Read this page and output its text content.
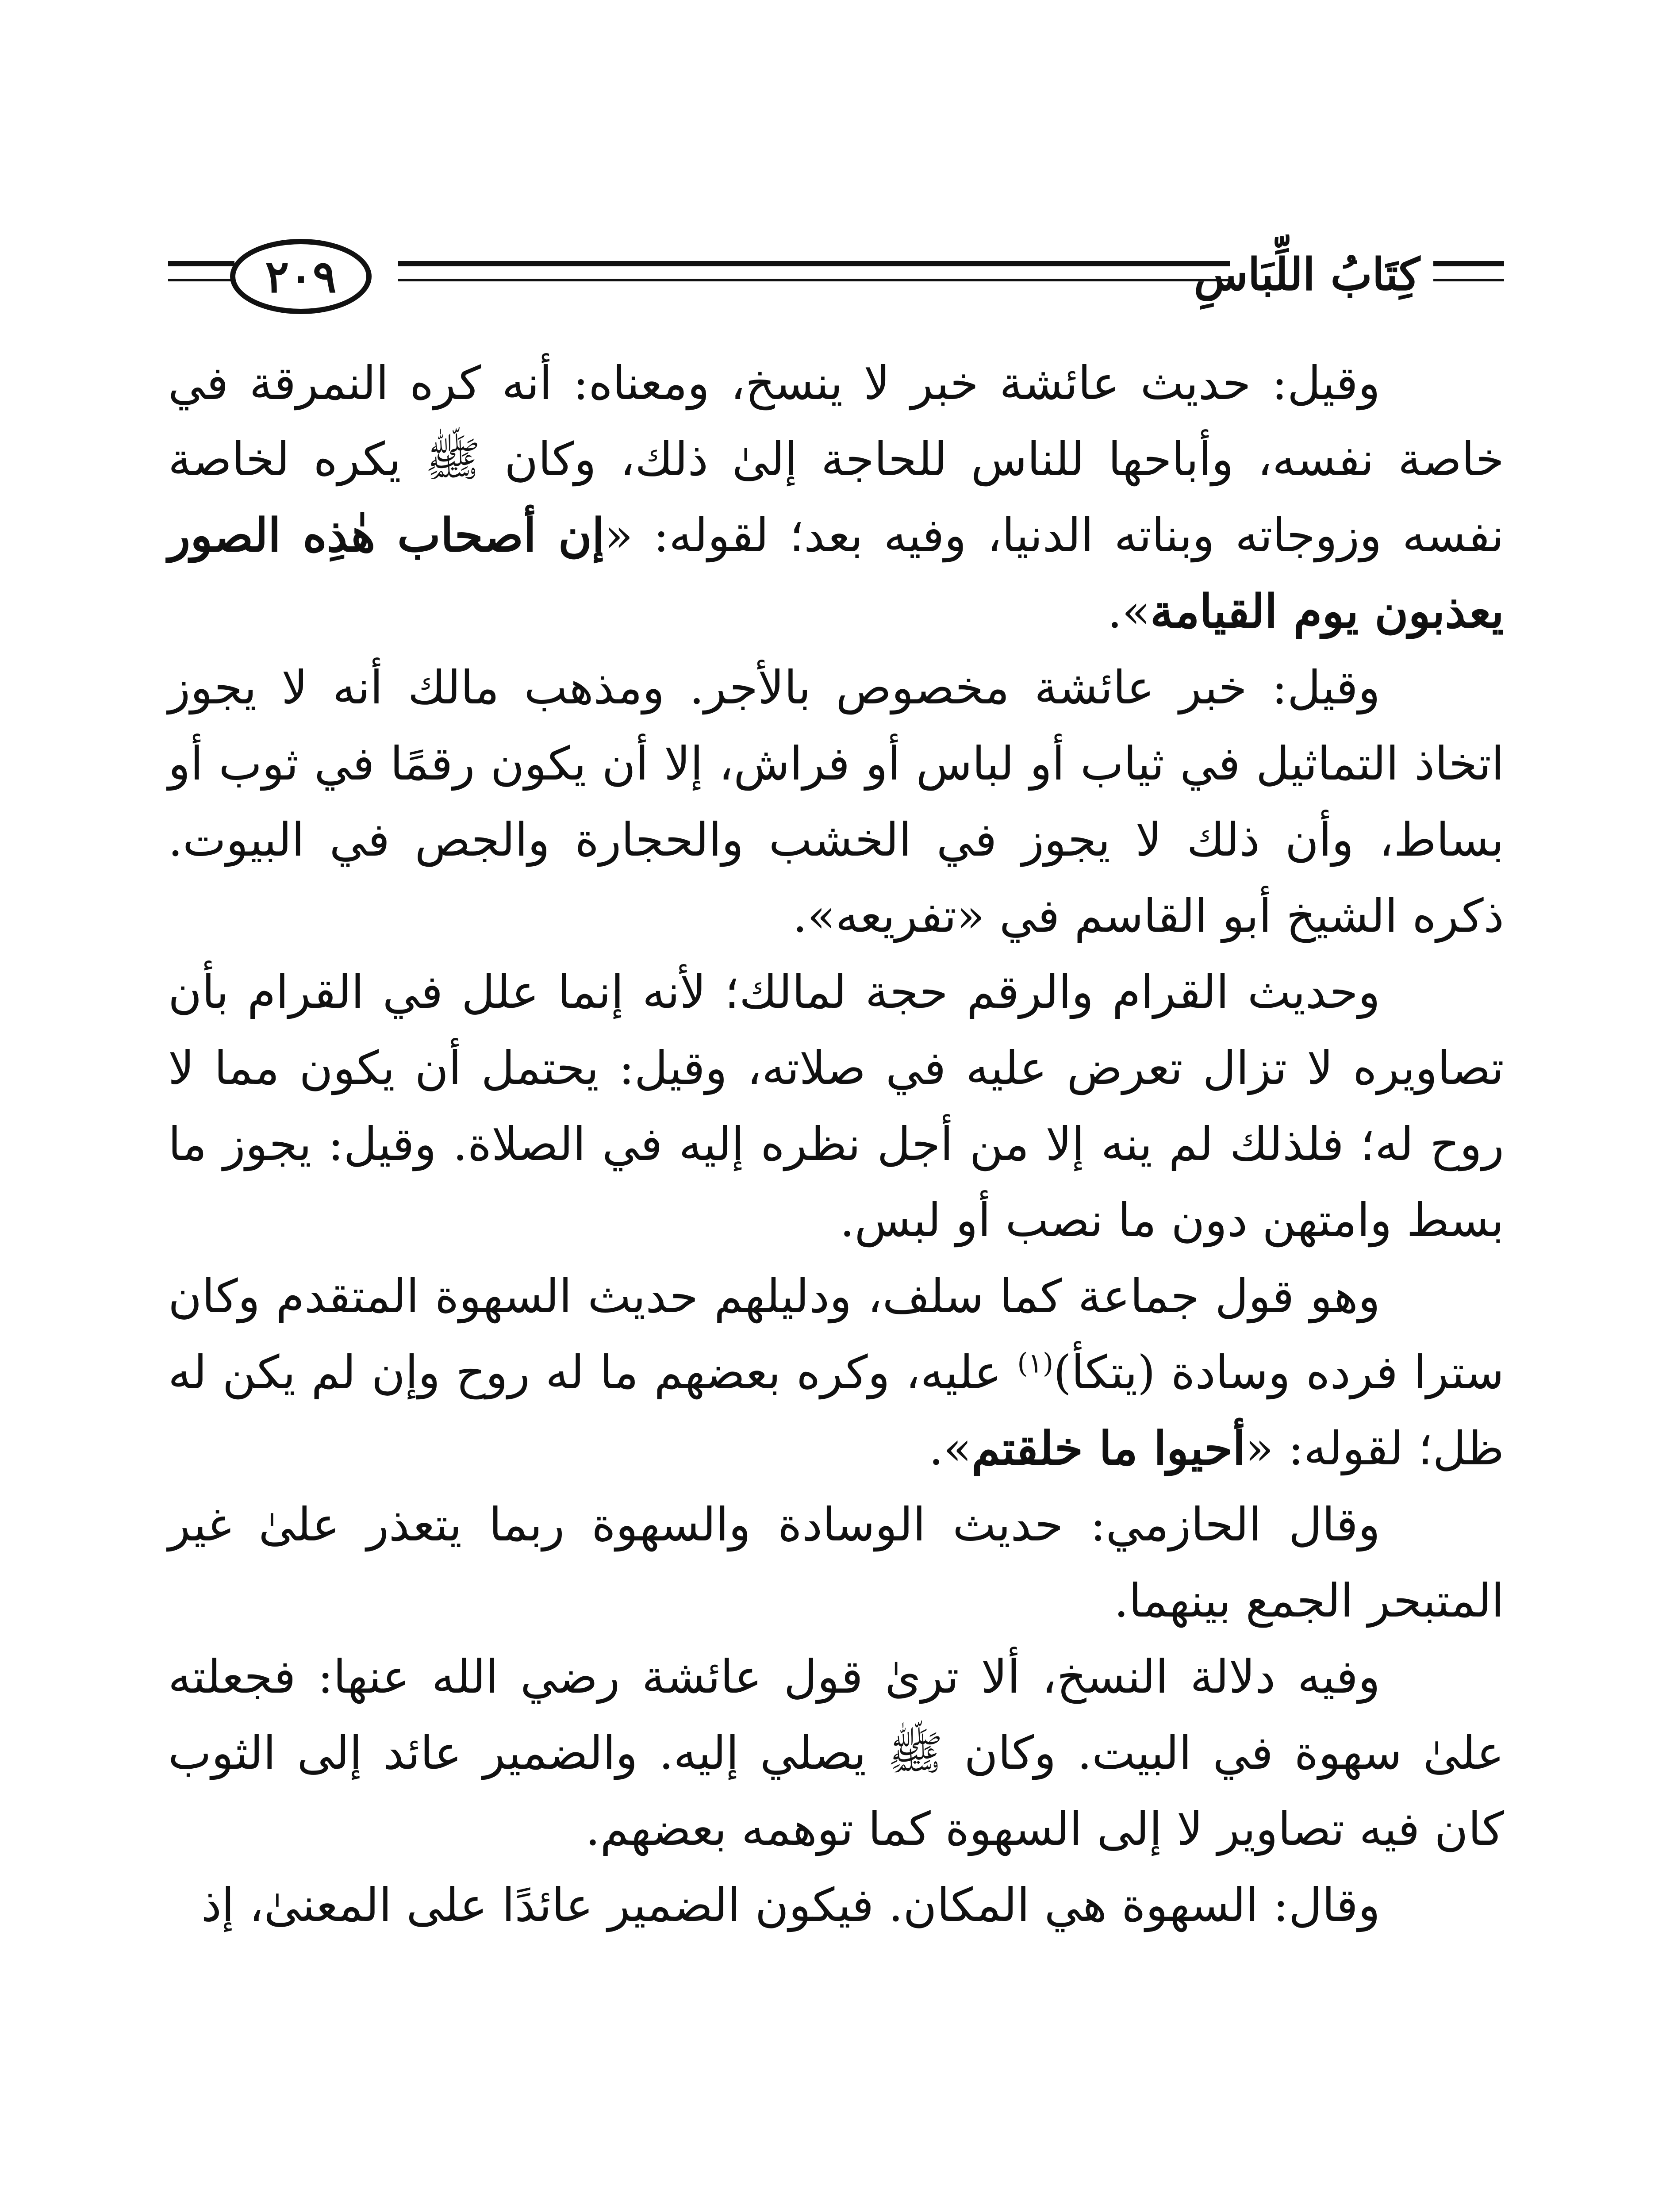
كِتَابُ اللِّبَاسِ
٢٠٩

وقيل: حديث عائشة خبر لا ينسخ، ومعناه: أنه كره النمرقة في خاصة نفسه، وأباحها للناس للحاجة إلىٰ ذلك، وكان ﷺ يكره لخاصة نفسه وزوجاته وبناته الدنيا، وفيه بعد؛ لقوله: «إن أصحاب هٰذِه الصور يعذبون يوم القيامة».

وقيل: خبر عائشة مخصوص بالأجر. ومذهب مالك أنه لا يجوز اتخاذ التماثيل في ثياب أو لباس أو فراش، إلا أن يكون رقمًا في ثوب أو بساط، وأن ذلك لا يجوز في الخشب والحجارة والجص في البيوت. ذكره الشيخ أبو القاسم في «تفريعه».

وحديث القرام والرقم حجة لمالك؛ لأنه إنما علل في القرام بأن تصاويره لا تزال تعرض عليه في صلاته، وقيل: يحتمل أن يكون مما لا روح له؛ فلذلك لم ينه إلا من أجل نظره إليه في الصلاة. وقيل: يجوز ما بسط وامتهن دون ما نصب أو لبس.

وهو قول جماعة كما سلف، ودليلهم حديث السهوة المتقدم وكان سترا فرده وسادة (يتكأ)$^{(١)}$ عليه، وكره بعضهم ما له روح وإن لم يكن له ظل؛ لقوله: «أحيوا ما خلقتم».

وقال الحازمي: حديث الوسادة والسهوة ربما يتعذر علىٰ غير المتبحر الجمع بينهما.

وفيه دلالة النسخ، ألا ترىٰ قول عائشة رضي الله عنها: فجعلته علىٰ سهوة في البيت. وكان ﷺ يصلي إليه. والضمير عائد إلى الثوب كان فيه تصاوير لا إلى السهوة كما توهمه بعضهم.

وقال: السهوة هي المكان. فيكون الضمير عائدًا على المعنىٰ، إذ
